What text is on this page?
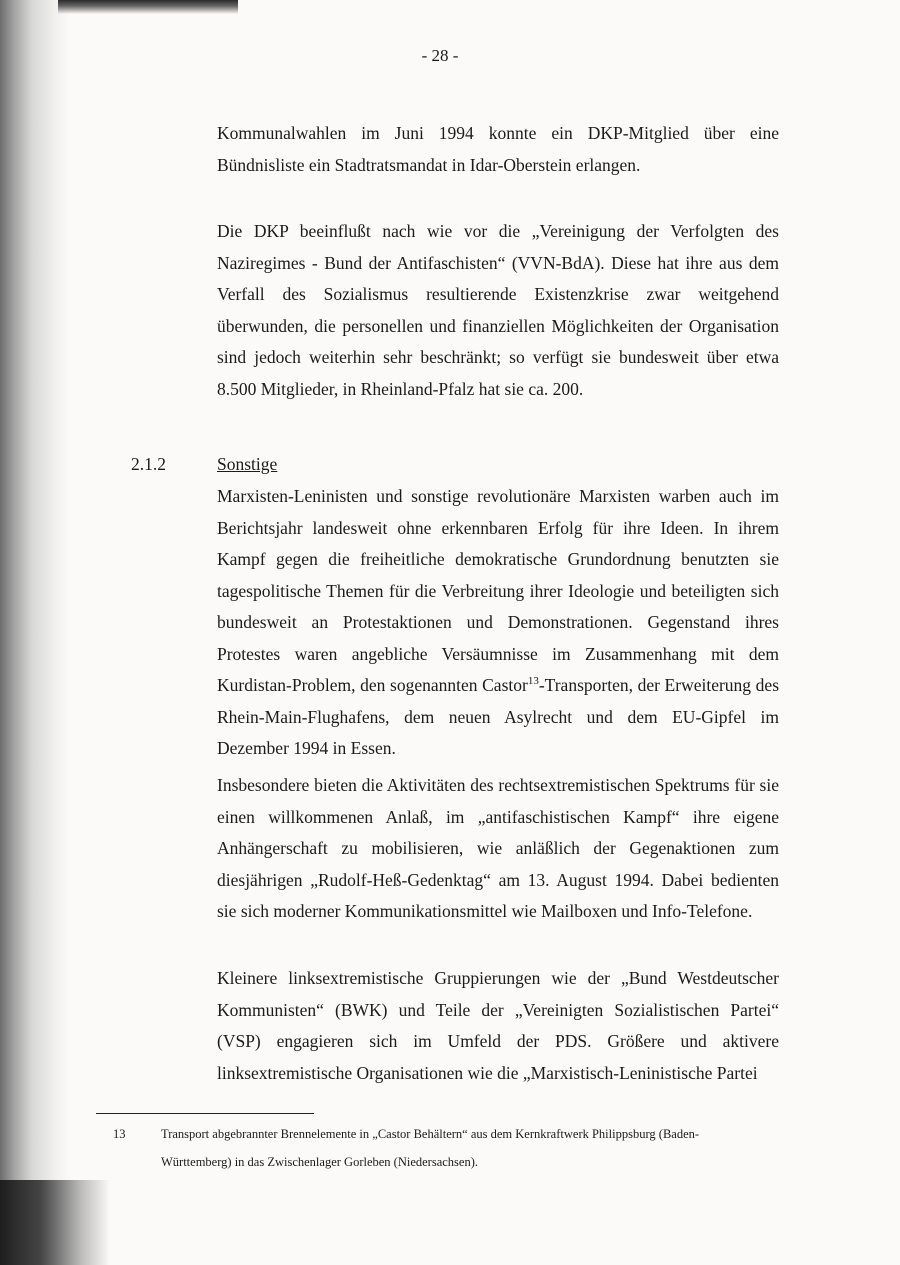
- 28 -

Kommunalwahlen im Juni 1994 konnte ein DKP-Mitglied über eine Bündnisliste ein Stadtratsmandat in Idar-Oberstein erlangen.

Die DKP beeinflußt nach wie vor die „Vereinigung der Verfolgten des Naziregimes - Bund der Antifaschisten“ (VVN-BdA). Diese hat ihre aus dem Verfall des Sozialismus resultierende Existenzkrise zwar weitgehend überwunden, die personellen und finanziellen Möglichkeiten der Organisation sind jedoch weiterhin sehr beschränkt; so verfügt sie bundesweit über etwa 8.500 Mitglieder, in Rheinland-Pfalz hat sie ca. 200.

2.1.2	Sonstige

Marxisten-Leninisten und sonstige revolutionäre Marxisten warben auch im Berichtsjahr landesweit ohne erkennbaren Erfolg für ihre Ideen. In ihrem Kampf gegen die freiheitliche demokratische Grundordnung benutzten sie tagespolitische Themen für die Verbreitung ihrer Ideologie und beteiligten sich bundesweit an Protestaktionen und Demonstrationen. Gegenstand ihres Protestes waren angebliche Versäumnisse im Zusammenhang mit dem Kurdistan-Problem, den sogenannten Castor$^{13}$-Transporten, der Erweiterung des Rhein-Main-Flughafens, dem neuen Asylrecht und dem EU-Gipfel im Dezember 1994 in Essen.

Insbesondere bieten die Aktivitäten des rechtsextremistischen Spektrums für sie einen willkommenen Anlaß, im „antifaschistischen Kampf“ ihre eigene Anhängerschaft zu mobilisieren, wie anläßlich der Gegenaktionen zum diesjährigen „Rudolf-Heß-Gedenktag“ am 13. August 1994. Dabei bedienten sie sich moderner Kommunikationsmittel wie Mailboxen und Info-Telefone.

Kleinere linksextremistische Gruppierungen wie der „Bund Westdeutscher Kommunisten“ (BWK) und Teile der „Vereinigten Sozialistischen Partei“ (VSP) engagieren sich im Umfeld der PDS. Größere und aktivere linksextremistische Organisationen wie die „Marxistisch-Leninistische Partei

13	Transport abgebrannter Brennelemente in „Castor Behältern“ aus dem Kernkraftwerk Philippsburg (Baden-Württemberg) in das Zwischenlager Gorleben (Niedersachsen).
